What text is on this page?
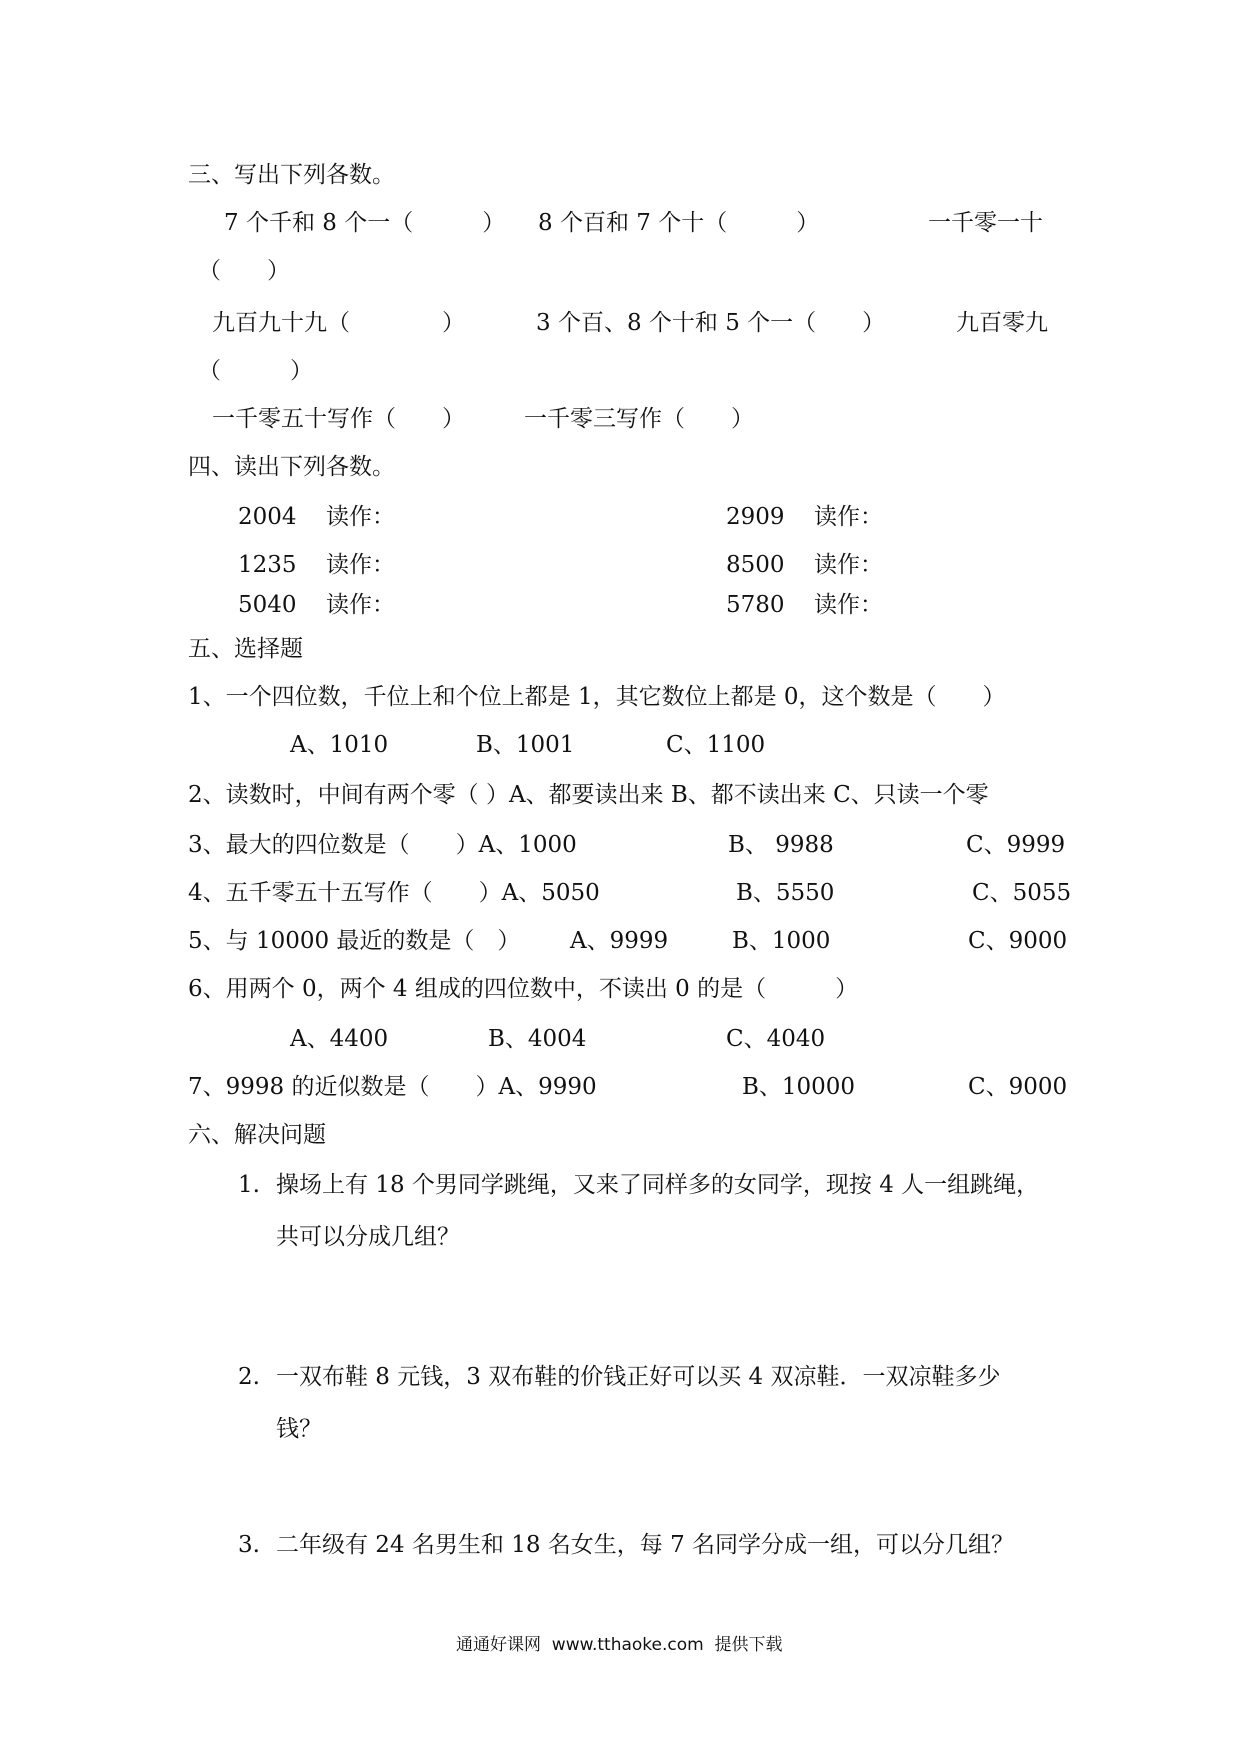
三、写出下列各数。
7 个千和 8 个一（　　　） 8 个百和 7 个十（　　　）	一千零一十
（　　）
九百九十九（　　　　）	3 个百、8 个十和 5 个一（　　）	九百零九
（　　　）
一千零五十写作（　　）	一千零三写作（　　）
四、读出下列各数。
2004 读作：	2909 读作：
1235 读作：	8500 读作：
5040 读作：	5780 读作：
五、选择题
1、一个四位数，千位上和个位上都是 1，其它数位上都是 0，这个数是（　　）
A、1010	B、1001	C、1100
2、读数时，中间有两个零（ ）A、都要读出来 B、都不读出来 C、只读一个零
3、最大的四位数是（　　）A、1000	B、 9988	C、9999
4、五千零五十五写作（　　）A、5050	B、5550	C、5055
5、与 10000 最近的数是（　） A、9999	B、1000	C、9000
6、用两个 0，两个 4 组成的四位数中，不读出 0 的是（　　　）
A、4400	B、4004	C、4040
7、9998 的近似数是（　　）A、9990	B、10000	C、9000
六、解决问题
1. 操场上有 18 个男同学跳绳，又来了同样多的女同学，现按 4 人一组跳绳，
共可以分成几组？
2. 一双布鞋 8 元钱，3 双布鞋的价钱正好可以买 4 双凉鞋．一双凉鞋多少
钱？
3. 二年级有 24 名男生和 18 名女生，每 7 名同学分成一组，可以分几组？
通通好课网  www.tthaoke.com  提供下载
